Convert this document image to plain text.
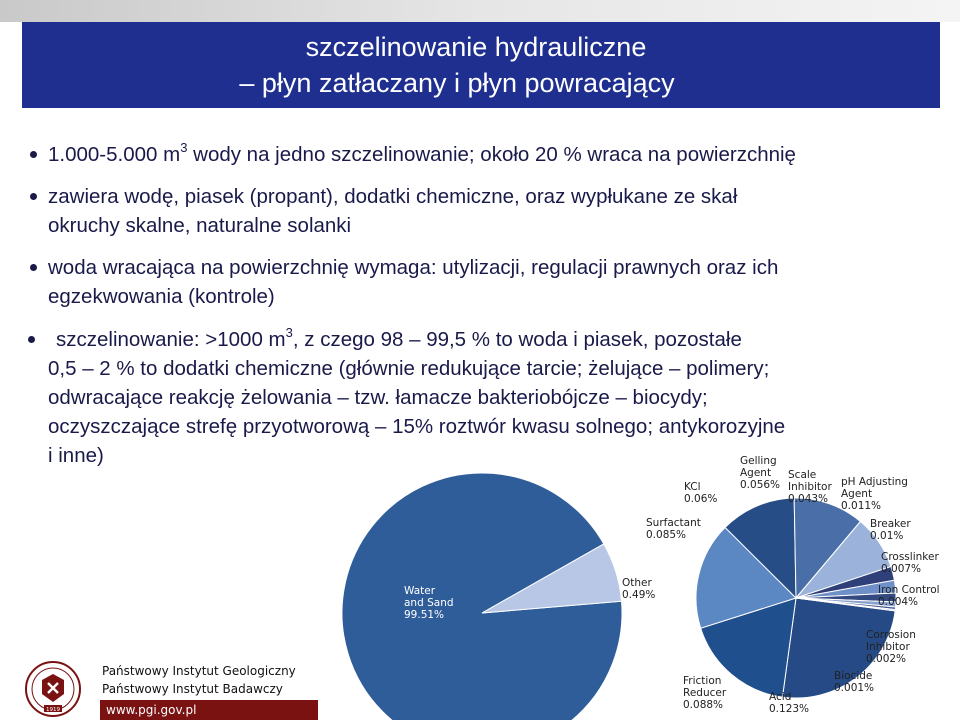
szczelinowanie hydrauliczne
– płyn zatłaczany i płyn powracający
1.000-5.000 $m^3$ wody na jedno szczelinowanie; około 20 % wraca na powierzchnię
zawiera wodę, piasek (propant), dodatki chemiczne, oraz wypłukane ze skał
okruchy skalne, naturalne solanki
woda wracająca na powierzchnię wymaga: utylizacji, regulacji prawnych oraz ich
egzekwowania (kontrole)
szczelinowanie: >1000 $m^3$, z czego 98 – 99,5 % to woda i piasek, pozostałe
0,5 – 2 % to dodatki chemiczne (głównie redukujące tarcie; żelujące – polimery;
odwracające reakcję żelowania – tzw. łamacze bakteriobójcze – biocydy;
oczyszczające strefę przyotworową – 15% roztwór kwasu solnego; antykorozyjne
i inne)
Water and Sand 99.51%
Other 0.49%
KCl 0.06%
Gelling Agent 0.056%
Scale Inhibitor 0.043%
pH Adjusting Agent 0.011%
Surfactant 0.085%
Breaker 0.01%
Crosslinker 0.007%
Iron Control 0.004%
Corrosion Inhibitor 0.002%
Biocide 0.001%
Friction Reducer 0.088%
Acid 0.123%
1919
Państwowy Instytut Geologiczny
Państwowy Instytut Badawczy
www.pgi.gov.pl
